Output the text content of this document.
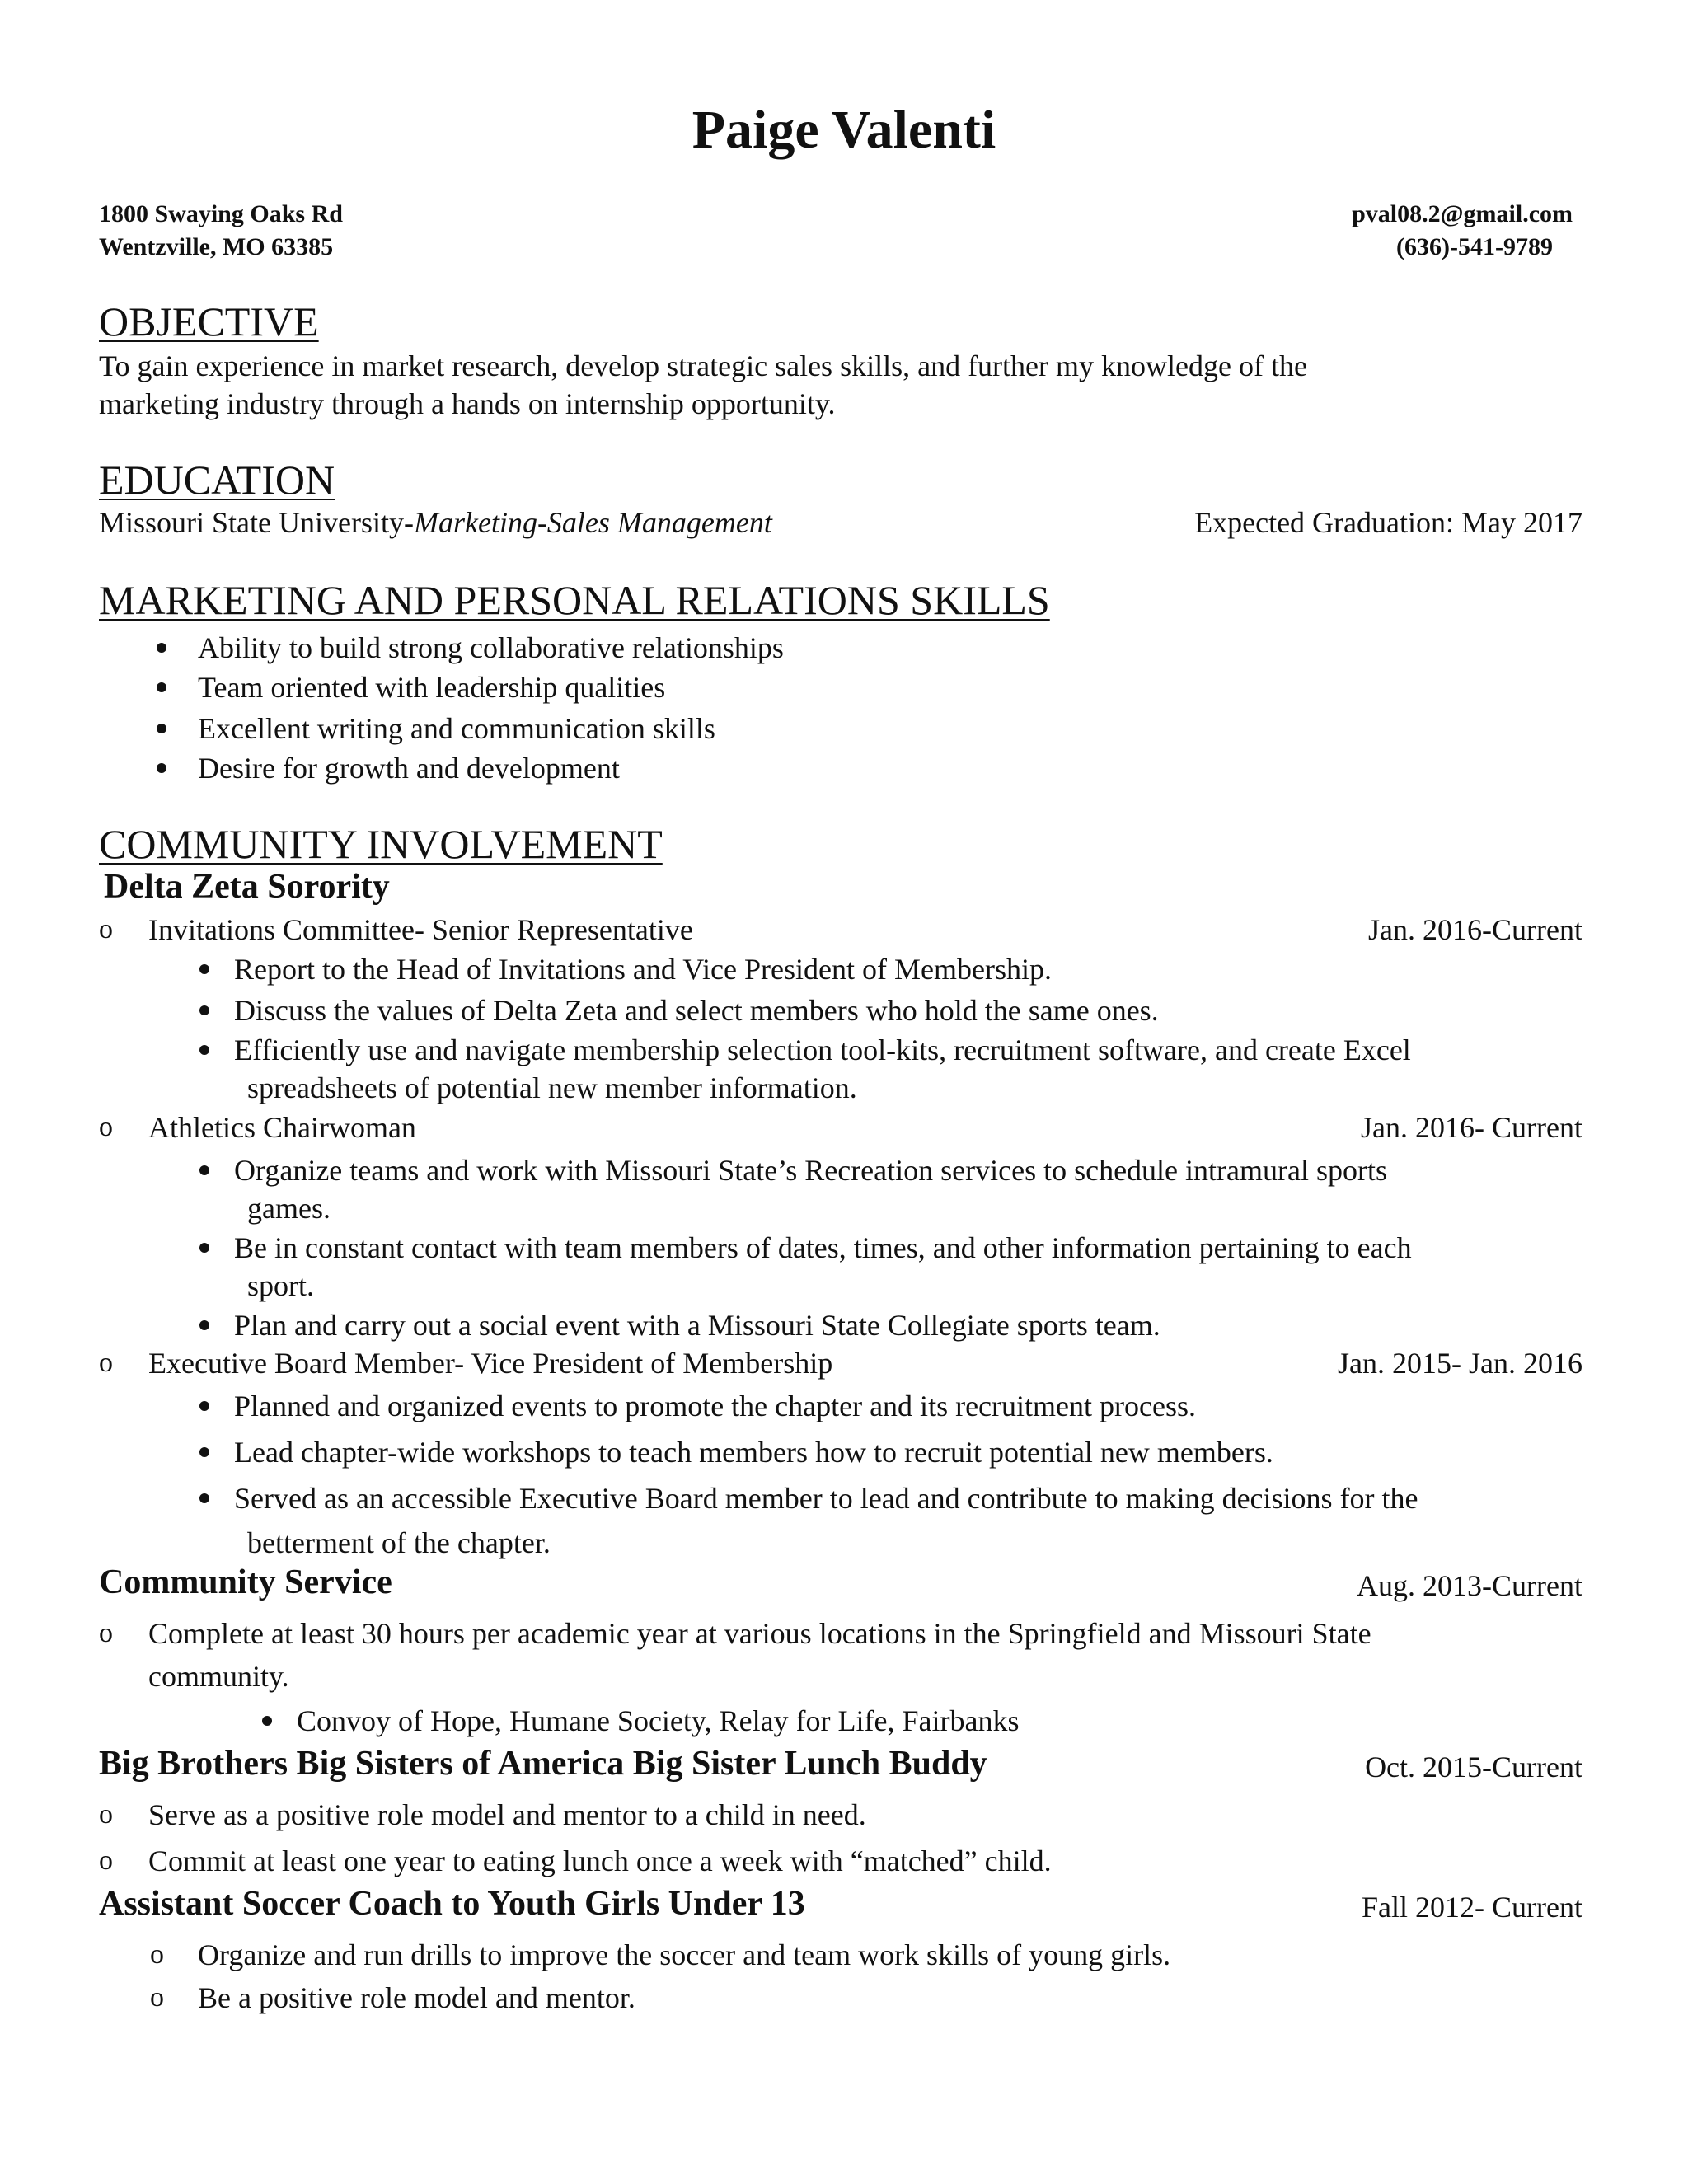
Paige Valenti
1800 Swaying Oaks Rd
Wentzville, MO 63385
pval08.2@gmail.com
(636)-541-9789
OBJECTIVE
To gain experience in market research, develop strategic sales skills, and further my knowledge of the
marketing industry through a hands on internship opportunity.
EDUCATION
Missouri State University-Marketing-Sales Management	Expected Graduation: May 2017
MARKETING AND PERSONAL RELATIONS SKILLS
Ability to build strong collaborative relationships
Team oriented with leadership qualities
Excellent writing and communication skills
Desire for growth and development
COMMUNITY INVOLVEMENT
Delta Zeta Sorority
o Invitations Committee- Senior Representative	Jan. 2016-Current
Report to the Head of Invitations and Vice President of Membership.
Discuss the values of Delta Zeta and select members who hold the same ones.
Efficiently use and navigate membership selection tool-kits, recruitment software, and create Excel
spreadsheets of potential new member information.
o Athletics Chairwoman	Jan. 2016- Current
Organize teams and work with Missouri State’s Recreation services to schedule intramural sports
games.
Be in constant contact with team members of dates, times, and other information pertaining to each
sport.
Plan and carry out a social event with a Missouri State Collegiate sports team.
o Executive Board Member- Vice President of Membership	Jan. 2015- Jan. 2016
Planned and organized events to promote the chapter and its recruitment process.
Lead chapter-wide workshops to teach members how to recruit potential new members.
Served as an accessible Executive Board member to lead and contribute to making decisions for the
betterment of the chapter.
Community Service	Aug. 2013-Current
o Complete at least 30 hours per academic year at various locations in the Springfield and Missouri State
community.
Convoy of Hope, Humane Society, Relay for Life, Fairbanks
Big Brothers Big Sisters of America Big Sister Lunch Buddy	Oct. 2015-Current
o Serve as a positive role model and mentor to a child in need.
o Commit at least one year to eating lunch once a week with “matched” child.
Assistant Soccer Coach to Youth Girls Under 13	Fall 2012- Current
o Organize and run drills to improve the soccer and team work skills of young girls.
o Be a positive role model and mentor.
